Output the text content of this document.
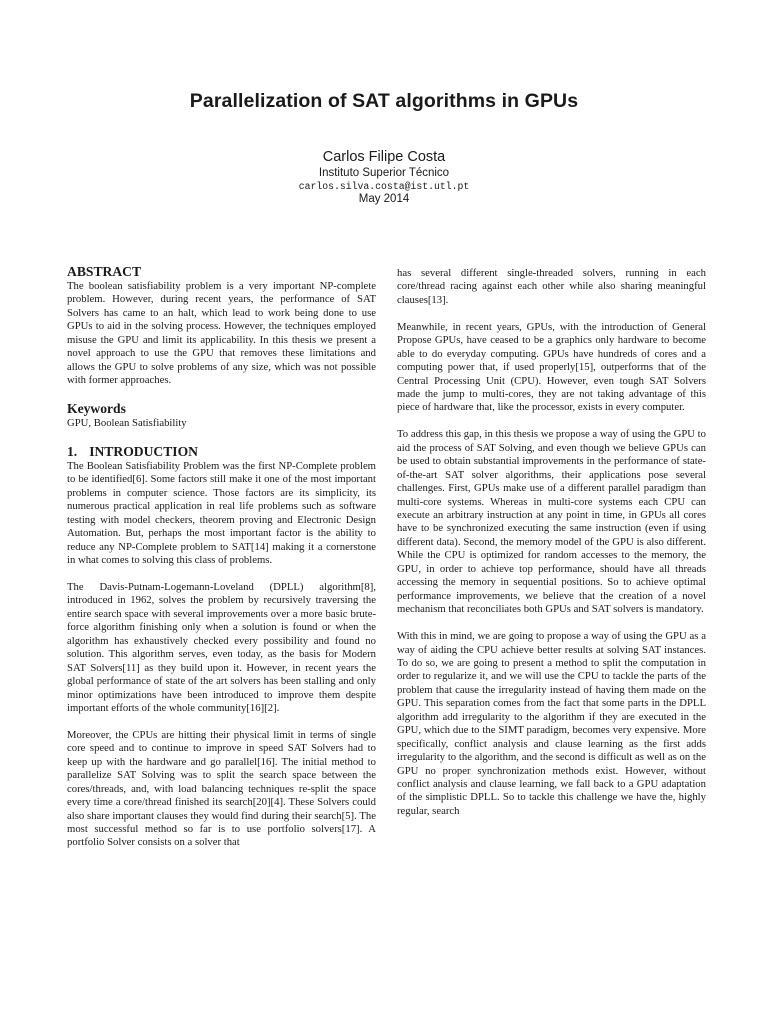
Parallelization of SAT algorithms in GPUs
Carlos Filipe Costa
Instituto Superior Técnico
carlos.silva.costa@ist.utl.pt
May 2014
ABSTRACT

The boolean satisfiability problem is a very important NP-complete problem. However, during recent years, the performance of SAT Solvers has came to an halt, which lead to work being done to use GPUs to aid in the solving process. However, the techniques employed misuse the GPU and limit its applicability. In this thesis we present a novel approach to use the GPU that removes these limitations and allows the GPU to solve problems of any size, which was not possible with former approaches.

Keywords

GPU, Boolean Satisfiability

1. INTRODUCTION

The Boolean Satisfiability Problem was the first NP-Complete problem to be identified[6]. Some factors still make it one of the most important problems in computer science. Those factors are its simplicity, its numerous practical application in real life problems such as software testing with model checkers, theorem proving and Electronic Design Automation. But, perhaps the most important factor is the ability to reduce any NP-Complete problem to SAT[14] making it a cornerstone in what comes to solving this class of problems.

The Davis-Putnam-Logemann-Loveland (DPLL) algorithm[8], introduced in 1962, solves the problem by recursively traversing the entire search space with several improvements over a more basic brute-force algorithm finishing only when a solution is found or when the algorithm has exhaustively checked every possibility and found no solution. This algorithm serves, even today, as the basis for Modern SAT Solvers[11] as they build upon it. However, in recent years the global performance of state of the art solvers has been stalling and only minor optimizations have been introduced to improve them despite important efforts of the whole community[16][2].

Moreover, the CPUs are hitting their physical limit in terms of single core speed and to continue to improve in speed SAT Solvers had to keep up with the hardware and go parallel[16]. The initial method to parallelize SAT Solving was to split the search space between the cores/threads, and, with load balancing techniques re-split the space every time a core/thread finished its search[20][4]. These Solvers could also share important clauses they would find during their search[5]. The most successful method so far is to use portfolio solvers[17]. A portfolio Solver consists on a solver that

has several different single-threaded solvers, running in each core/thread racing against each other while also sharing meaningful clauses[13].

Meanwhile, in recent years, GPUs, with the introduction of General Propose GPUs, have ceased to be a graphics only hardware to become able to do everyday computing. GPUs have hundreds of cores and a computing power that, if used properly[15], outperforms that of the Central Processing Unit (CPU). However, even tough SAT Solvers made the jump to multi-cores, they are not taking advantage of this piece of hardware that, like the processor, exists in every computer.

To address this gap, in this thesis we propose a way of using the GPU to aid the process of SAT Solving, and even though we believe GPUs can be used to obtain substantial improvements in the performance of state-of-the-art SAT solver algorithms, their applications pose several challenges. First, GPUs make use of a different parallel paradigm than multi-core systems. Whereas in multi-core systems each CPU can execute an arbitrary instruction at any point in time, in GPUs all cores have to be synchronized executing the same instruction (even if using different data). Second, the memory model of the GPU is also different. While the CPU is optimized for random accesses to the memory, the GPU, in order to achieve top performance, should have all threads accessing the memory in sequential positions. So to achieve optimal performance improvements, we believe that the creation of a novel mechanism that reconciliates both GPUs and SAT solvers is mandatory.

With this in mind, we are going to propose a way of using the GPU as a way of aiding the CPU achieve better results at solving SAT instances. To do so, we are going to present a method to split the computation in order to regularize it, and we will use the CPU to tackle the parts of the problem that cause the irregularity instead of having them made on the GPU. This separation comes from the fact that some parts in the DPLL algorithm add irregularity to the algorithm if they are executed in the GPU, which due to the SIMT paradigm, becomes very expensive. More specifically, conflict analysis and clause learning as the first adds irregularity to the algorithm, and the second is difficult as well as on the GPU no proper synchronization methods exist. However, without conflict analysis and clause learning, we fall back to a GPU adaptation of the simplistic DPLL. So to tackle this challenge we have the, highly regular, search
